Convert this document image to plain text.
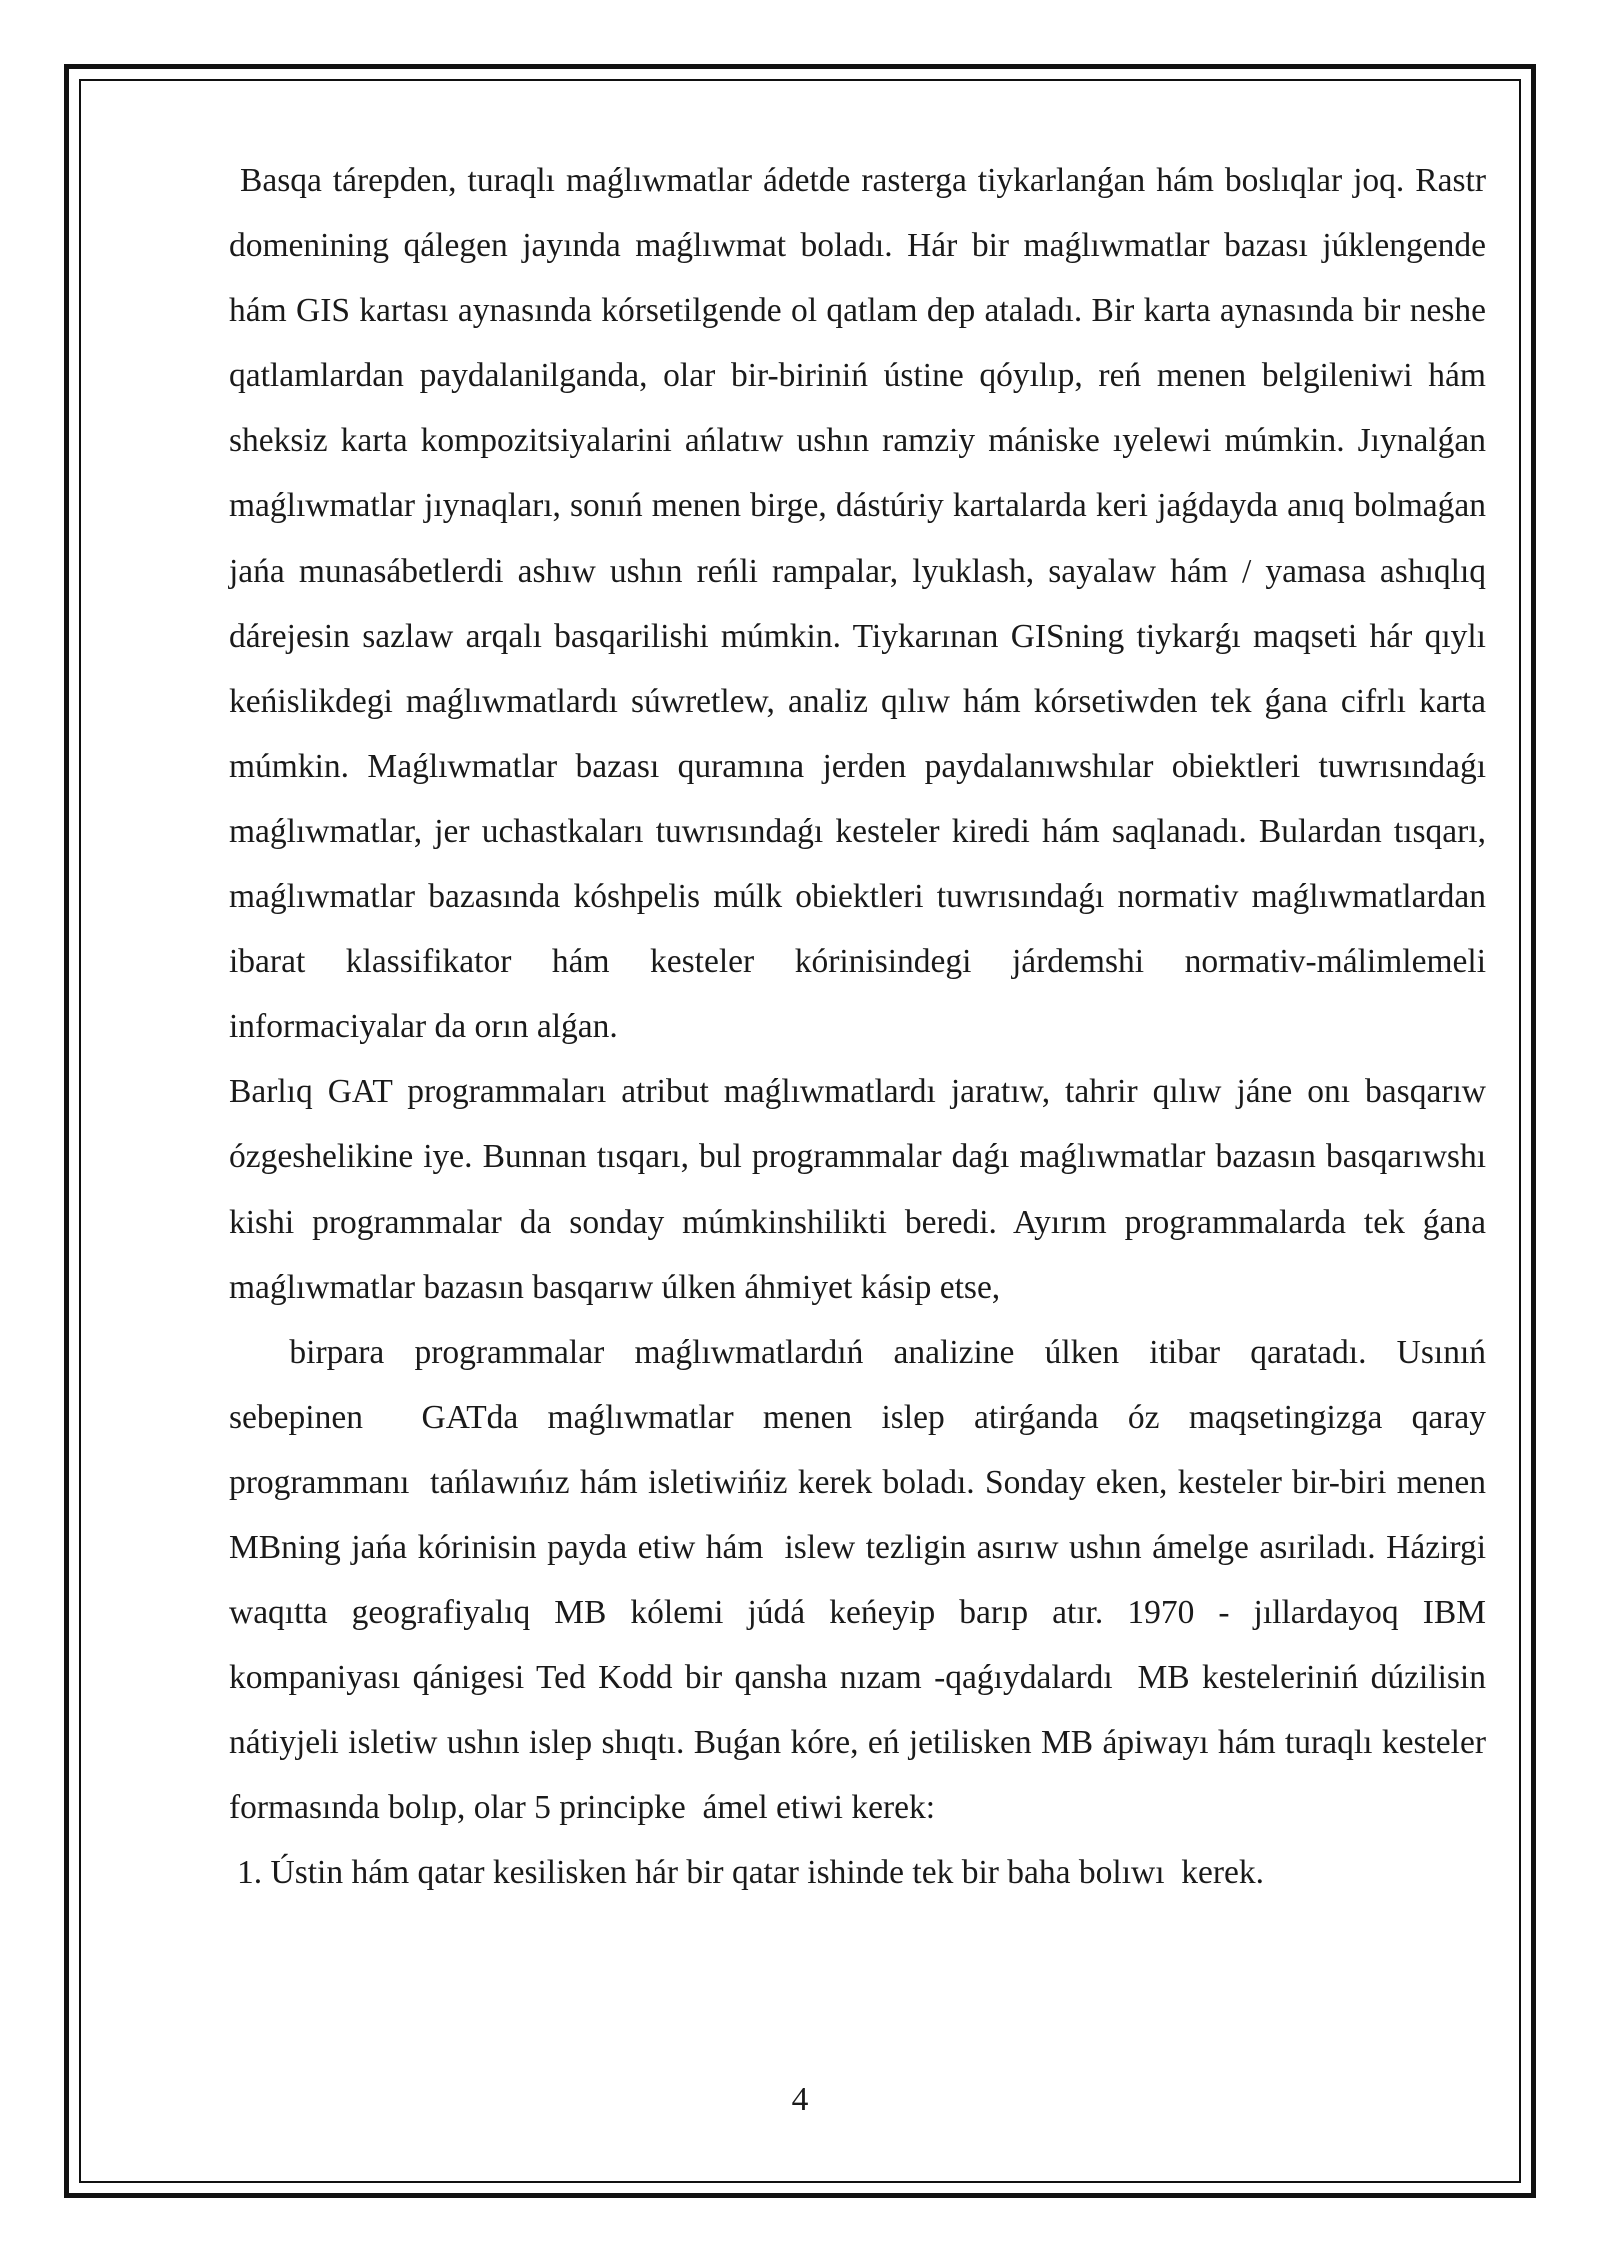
Basqa tárepden, turaqlı maǵlıwmatlar ádetde rasterga tiykarlanǵan hám boslıqlar joq. Rastr domenining qálegen jayında maǵlıwmat boladı. Hár bir maǵlıwmatlar bazası júklengende hám GIS kartası aynasında kórsetilgende ol qatlam dep ataladı. Bir karta aynasında bir neshe qatlamlardan paydalanilganda, olar bir-biriniń ústine qóyılıp, reń menen belgileniwi hám sheksiz karta kompozitsiyalarini ańlatıw ushın ramziy mániske ıyelewi múmkin. Jıynalǵan maǵlıwmatlar jıynaqları, sonıń menen birge, dástúriy kartalarda keri jaǵdayda anıq bolmaǵan jańa munasábetlerdi ashıw ushın reńli rampalar, lyuklash, sayalaw hám / yamasa ashıqlıq dárejesin sazlaw arqalı basqarilishi múmkin. Tiykarınan GISning tiykarǵı maqseti hár qıylı keńislikdegi maǵlıwmatlardı súwretlew, analiz qılıw hám kórsetiwden tek ǵana cifrlı karta múmkin. Maǵlıwmatlar bazası quramına jerden paydalanıwshılar obiektleri tuwrısındaǵı maǵlıwmatlar, jer uchastkaları tuwrısındaǵı kesteler kiredi hám saqlanadı. Bulardan tısqarı, maǵlıwmatlar bazasında kóshpelis múlk obiektleri tuwrısındaǵı normativ maǵlıwmatlardan ibarat klassifikator hám kesteler kórinisindegi járdemshi normativ-málimlemeli informaciyalar da orın alǵan.

Barlıq GAT programmaları atribut maǵlıwmatlardı jaratıw, tahrir qılıw jáne onı basqarıw ózgeshelikine iye. Bunnan tısqarı, bul programmalar daǵı maǵlıwmatlar bazasın basqarıwshı kishi programmalar da sonday múmkinshilikti beredi. Ayırım programmalarda tek ǵana maǵlıwmatlar bazasın basqarıw úlken áhmiyet kásip etse,

birpara programmalar maǵlıwmatlardıń analizine úlken itibar qaratadı. Usınıń sebepinen  GATda maǵlıwmatlar menen islep atirǵanda óz maqsetingizga qaray programmanı  tańlawıńız hám isletiwińiz kerek boladı. Sonday eken, kesteler bir-biri menen MBning jańa kórinisin payda etiw hám  islew tezligin asırıw ushın ámelge asıriladı. Házirgi waqıtta geografiyalıq MB kólemi júdá keńeyip barıp atır. 1970 - jıllardayoq IBM kompaniyası qánigesi Ted Kodd bir qansha nızam -qaǵıydalardı  MB kesteleriniń dúzilisin nátiyjeli isletiw ushın islep shıqtı. Buǵan kóre, eń jetilisken MB ápiwayı hám turaqlı kesteler formasında bolıp, olar 5 principke  ámel etiwi kerek:

1. Ústin hám qatar kesilisken hár bir qatar ishinde tek bir baha bolıwı  kerek.

4
